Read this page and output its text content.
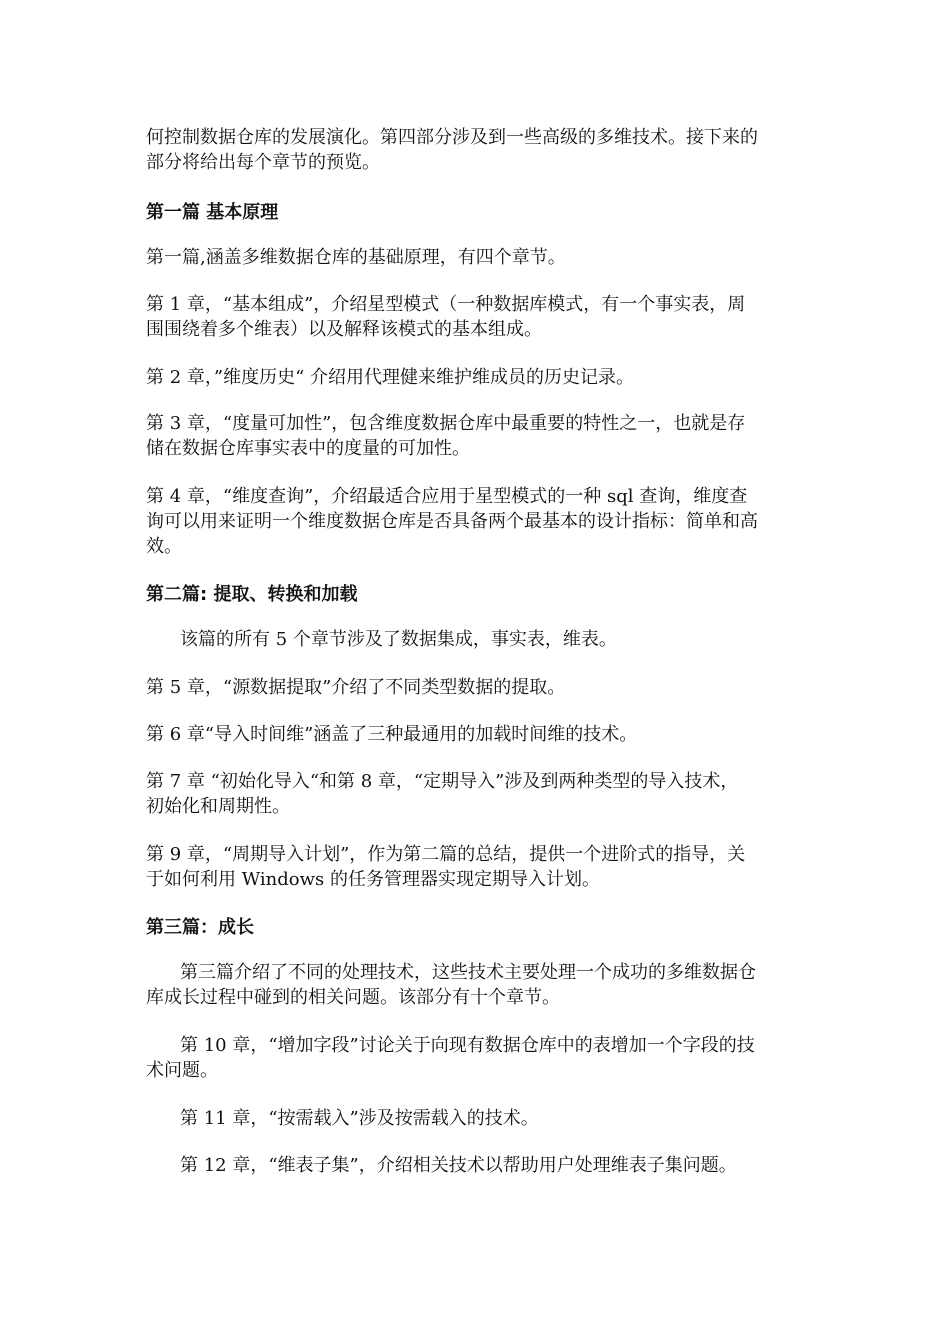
何控制数据仓库的发展演化。第四部分涉及到一些高级的多维技术。接下来的
部分将给出每个章节的预览。

第一篇 基本原理

第一篇,涵盖多维数据仓库的基础原理，有四个章节。

第 1 章，“基本组成”，介绍星型模式（一种数据库模式，有一个事实表，周
围围绕着多个维表）以及解释该模式的基本组成。

第 2 章，”维度历史“ 介绍用代理健来维护维成员的历史记录。

第 3 章，“度量可加性”，包含维度数据仓库中最重要的特性之一，也就是存
储在数据仓库事实表中的度量的可加性。

第 4 章，“维度查询”，介绍最适合应用于星型模式的一种 sql 查询，维度查
询可以用来证明一个维度数据仓库是否具备两个最基本的设计指标：简单和高
效。

第二篇: 提取、转换和加载

该篇的所有 5 个章节涉及了数据集成，事实表，维表。

第 5 章，“源数据提取”介绍了不同类型数据的提取。

第 6 章“导入时间维”涵盖了三种最通用的加载时间维的技术。

第 7 章 “初始化导入“和第 8 章，“定期导入”涉及到两种类型的导入技术，
初始化和周期性。

第 9 章，“周期导入计划”，作为第二篇的总结，提供一个进阶式的指导，关
于如何利用 Windows 的任务管理器实现定期导入计划。

第三篇：成长

第三篇介绍了不同的处理技术，这些技术主要处理一个成功的多维数据仓
库成长过程中碰到的相关问题。该部分有十个章节。

第 10 章，“增加字段”讨论关于向现有数据仓库中的表增加一个字段的技
术问题。

第 11 章，“按需载入”涉及按需载入的技术。

第 12 章，“维表子集”，介绍相关技术以帮助用户处理维表子集问题。
